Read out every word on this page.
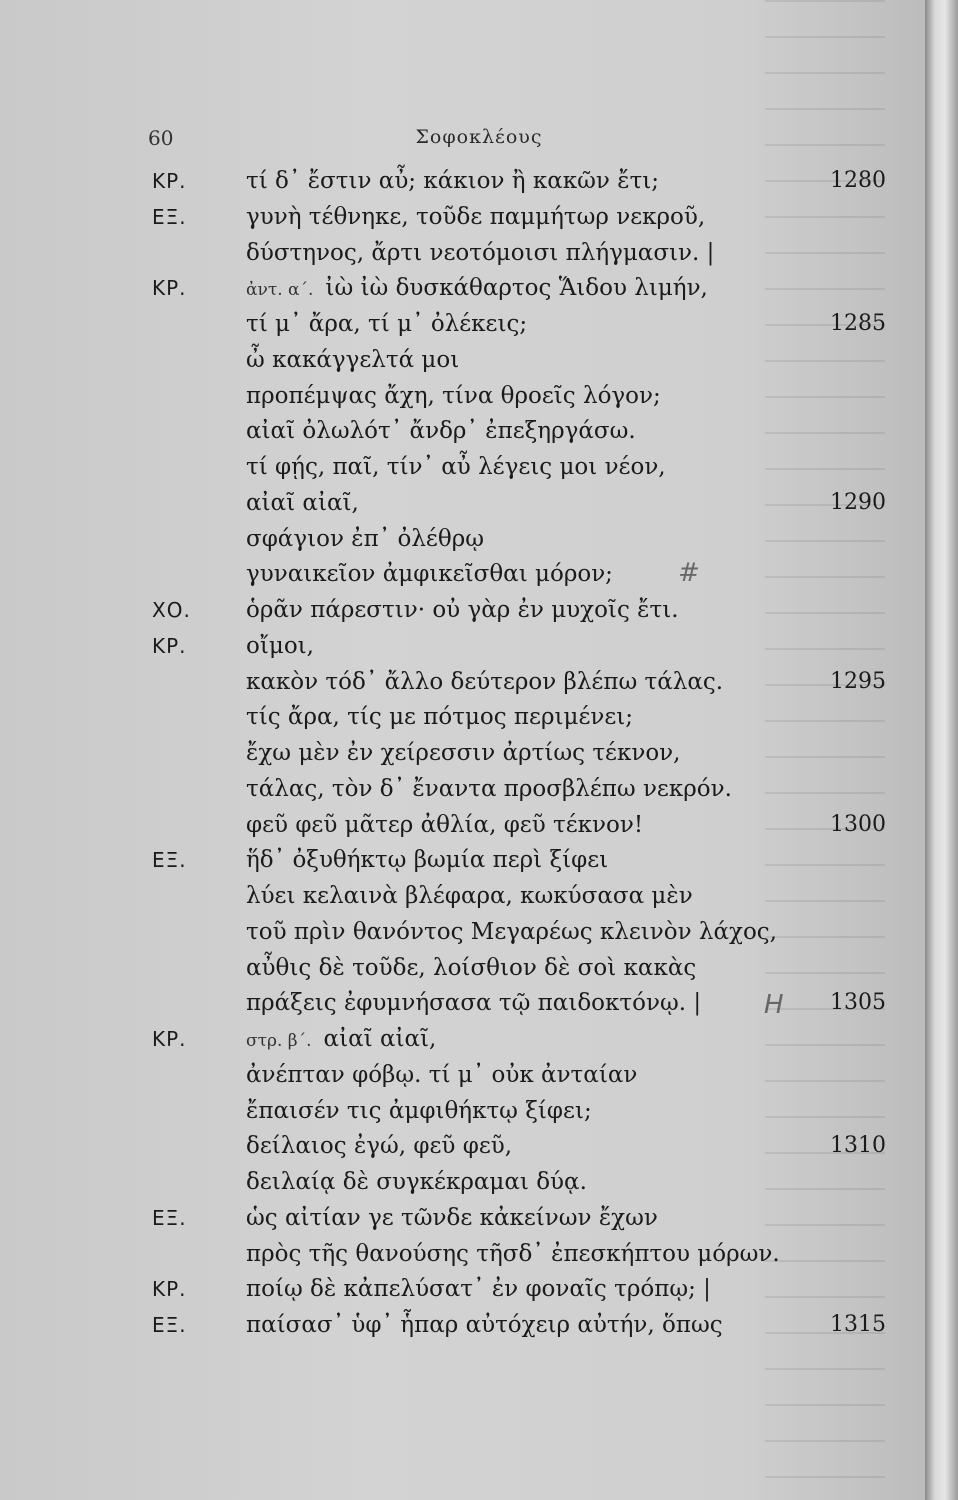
60	Σοφοκλέους
ΚΡ.	τί δ᾽ ἔστιν αὖ; κάκιον ἢ κακῶν ἔτι;	1280
ΕΞ.	γυνὴ τέθνηκε, τοῦδε παμμήτωρ νεκροῦ,
δύστηνος, ἄρτι νεοτόμοισι πλήγμασιν. |
ΚΡ.	ἀντ. α΄. ἰὼ ἰὼ δυσκάθαρτος Ἅιδου λιμήν,
τί μ᾽ ἄρα, τί μ᾽ ὀλέκεις;	1285
ὦ κακάγγελτά μοι
προπέμψας ἄχη, τίνα θροεῖς λόγον;
αἰαῖ ὀλωλότ᾽ ἄνδρ᾽ ἐπεξηργάσω.
τί φῄς, παῖ, τίν᾽ αὖ λέγεις μοι νέον,
αἰαῖ αἰαῖ,	1290
σφάγιον ἐπ᾽ ὀλέθρῳ
γυναικεῖον ἀμφικεῖσθαι μόρον;
ΧΟ. ὁρᾶν πάρεστιν· οὐ γὰρ ἐν μυχοῖς ἔτι.
ΚΡ.	οἴμοι,
κακὸν τόδ᾽ ἄλλο δεύτερον βλέπω τάλας.	1295
τίς ἄρα, τίς με πότμος περιμένει;
ἔχω μὲν ἐν χείρεσσιν ἀρτίως τέκνον,
τάλας, τὸν δ᾽ ἔναντα προσβλέπω νεκρόν.
φεῦ φεῦ μᾶτερ ἀθλία, φεῦ τέκνον!	1300
ΕΞ.	ἥδ᾽ ὀξυθήκτῳ βωμία περὶ ξίφει
λύει κελαινὰ βλέφαρα, κωκύσασα μὲν
τοῦ πρὶν θανόντος Μεγαρέως κλεινὸν λάχος,
αὖθις δὲ τοῦδε, λοίσθιον δὲ σοὶ κακὰς
πράξεις ἐφυμνήσασα τῷ παιδοκτόνῳ. |	1305
ΚΡ.	στρ. β΄. αἰαῖ αἰαῖ,
ἀνέπταν φόβῳ. τί μ᾽ οὐκ ἀνταίαν
ἔπαισέν τις ἀμφιθήκτῳ ξίφει;
δείλαιος ἐγώ, φεῦ φεῦ,	1310
δειλαίᾳ δὲ συγκέκραμαι δύᾳ.
ΕΞ.	ὡς αἰτίαν γε τῶνδε κἀκείνων ἔχων
πρὸς τῆς θανούσης τῆσδ᾽ ἐπεσκήπτου μόρων.
ΚΡ.	ποίῳ δὲ κἀπελύσατ᾽ ἐν φοναῖς τρόπῳ; |
ΕΞ.	παίσασ᾽ ὑφ᾽ ἧπαρ αὐτόχειρ αὐτήν, ὅπως	1315
#
H
